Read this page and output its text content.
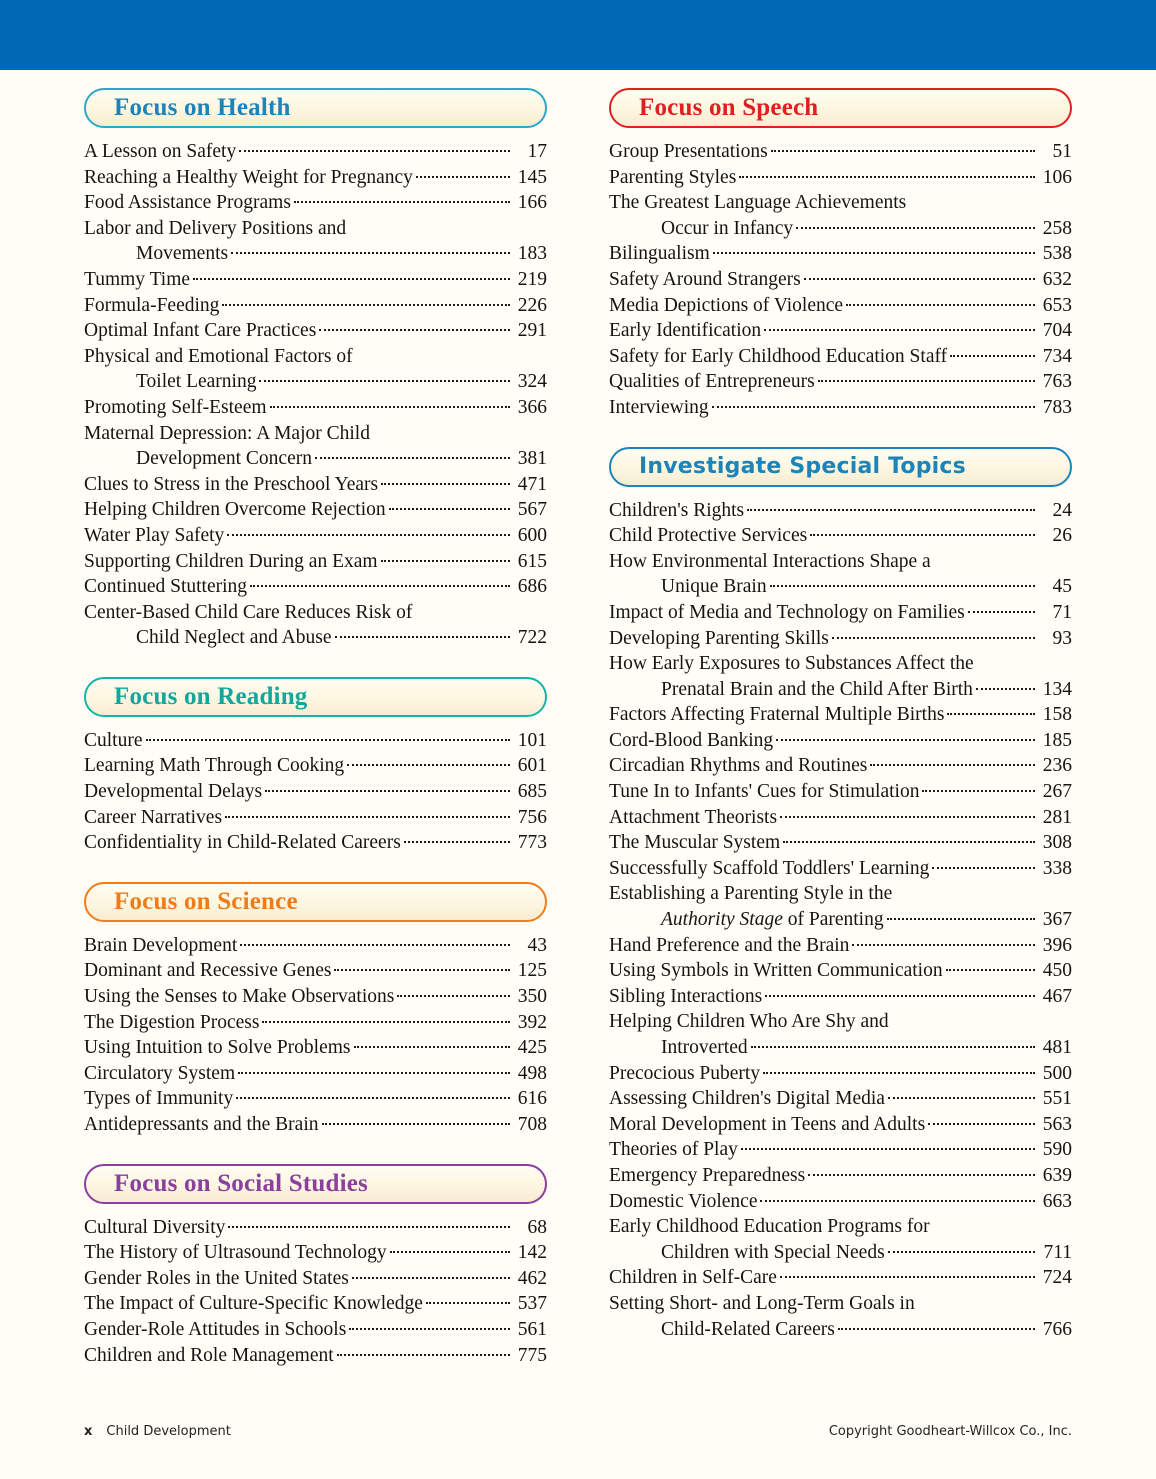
Focus on Health
A Lesson on Safety	17
Reaching a Healthy Weight for Pregnancy	145
Food Assistance Programs	166
Labor and Delivery Positions and
Movements	183
Tummy Time	219
Formula-Feeding	226
Optimal Infant Care Practices	291
Physical and Emotional Factors of
Toilet Learning	324
Promoting Self-Esteem	366
Maternal Depression: A Major Child
Development Concern	381
Clues to Stress in the Preschool Years	471
Helping Children Overcome Rejection	567
Water Play Safety	600
Supporting Children During an Exam	615
Continued Stuttering	686
Center-Based Child Care Reduces Risk of
Child Neglect and Abuse	722
Focus on Reading
Culture	101
Learning Math Through Cooking	601
Developmental Delays	685
Career Narratives	756
Confidentiality in Child-Related Careers	773
Focus on Science
Brain Development	43
Dominant and Recessive Genes	125
Using the Senses to Make Observations	350
The Digestion Process	392
Using Intuition to Solve Problems	425
Circulatory System	498
Types of Immunity	616
Antidepressants and the Brain	708
Focus on Social Studies
Cultural Diversity	68
The History of Ultrasound Technology	142
Gender Roles in the United States	462
The Impact of Culture-Specific Knowledge	537
Gender-Role Attitudes in Schools	561
Children and Role Management	775
Focus on Speech
Group Presentations	51
Parenting Styles	106
The Greatest Language Achievements
Occur in Infancy	258
Bilingualism	538
Safety Around Strangers	632
Media Depictions of Violence	653
Early Identification	704
Safety for Early Childhood Education Staff	734
Qualities of Entrepreneurs	763
Interviewing	783
Investigate Special Topics
Children's Rights	24
Child Protective Services	26
How Environmental Interactions Shape a
Unique Brain	45
Impact of Media and Technology on Families	71
Developing Parenting Skills	93
How Early Exposures to Substances Affect the
Prenatal Brain and the Child After Birth	134
Factors Affecting Fraternal Multiple Births	158
Cord-Blood Banking	185
Circadian Rhythms and Routines	236
Tune In to Infants' Cues for Stimulation	267
Attachment Theorists	281
The Muscular System	308
Successfully Scaffold Toddlers' Learning	338
Establishing a Parenting Style in the
Authority Stage of Parenting	367
Hand Preference and the Brain	396
Using Symbols in Written Communication	450
Sibling Interactions	467
Helping Children Who Are Shy and
Introverted	481
Precocious Puberty	500
Assessing Children's Digital Media	551
Moral Development in Teens and Adults	563
Theories of Play	590
Emergency Preparedness	639
Domestic Violence	663
Early Childhood Education Programs for
Children with Special Needs	711
Children in Self-Care	724
Setting Short- and Long-Term Goals in
Child-Related Careers	766
x Child Development	Copyright Goodheart-Willcox Co., Inc.
